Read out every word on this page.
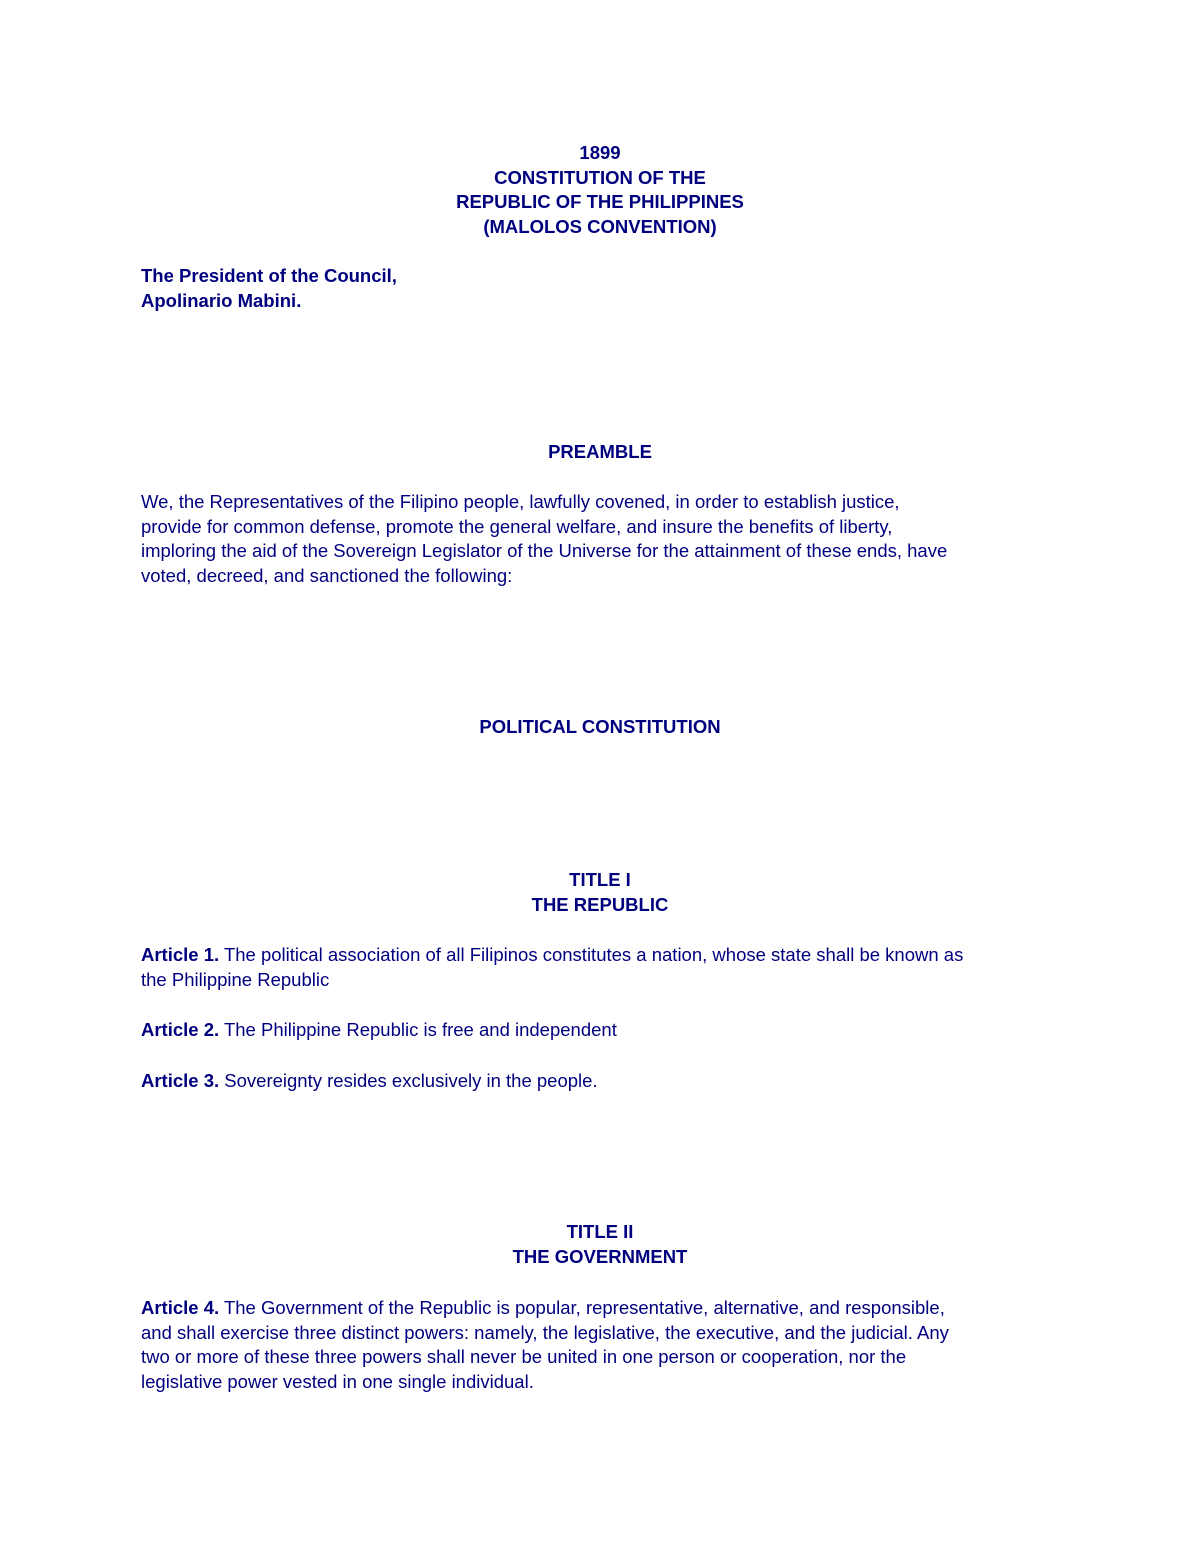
1899
CONSTITUTION OF THE
REPUBLIC OF THE PHILIPPINES
(MALOLOS CONVENTION)
The President of the Council,
Apolinario Mabini.
PREAMBLE
We, the Representatives of the Filipino people, lawfully covened, in order to establish justice,
provide for common defense, promote the general welfare, and insure the benefits of liberty,
imploring the aid of the Sovereign Legislator of the Universe for the attainment of these ends, have
voted, decreed, and sanctioned the following:
POLITICAL CONSTITUTION
TITLE I
THE REPUBLIC
Article 1. The political association of all Filipinos constitutes a nation, whose state shall be known as
the Philippine Republic
Article 2. The Philippine Republic is free and independent
Article 3. Sovereignty resides exclusively in the people.
TITLE II
THE GOVERNMENT
Article 4. The Government of the Republic is popular, representative, alternative, and responsible,
and shall exercise three distinct powers: namely, the legislative, the executive, and the judicial. Any
two or more of these three powers shall never be united in one person or cooperation, nor the
legislative power vested in one single individual.
